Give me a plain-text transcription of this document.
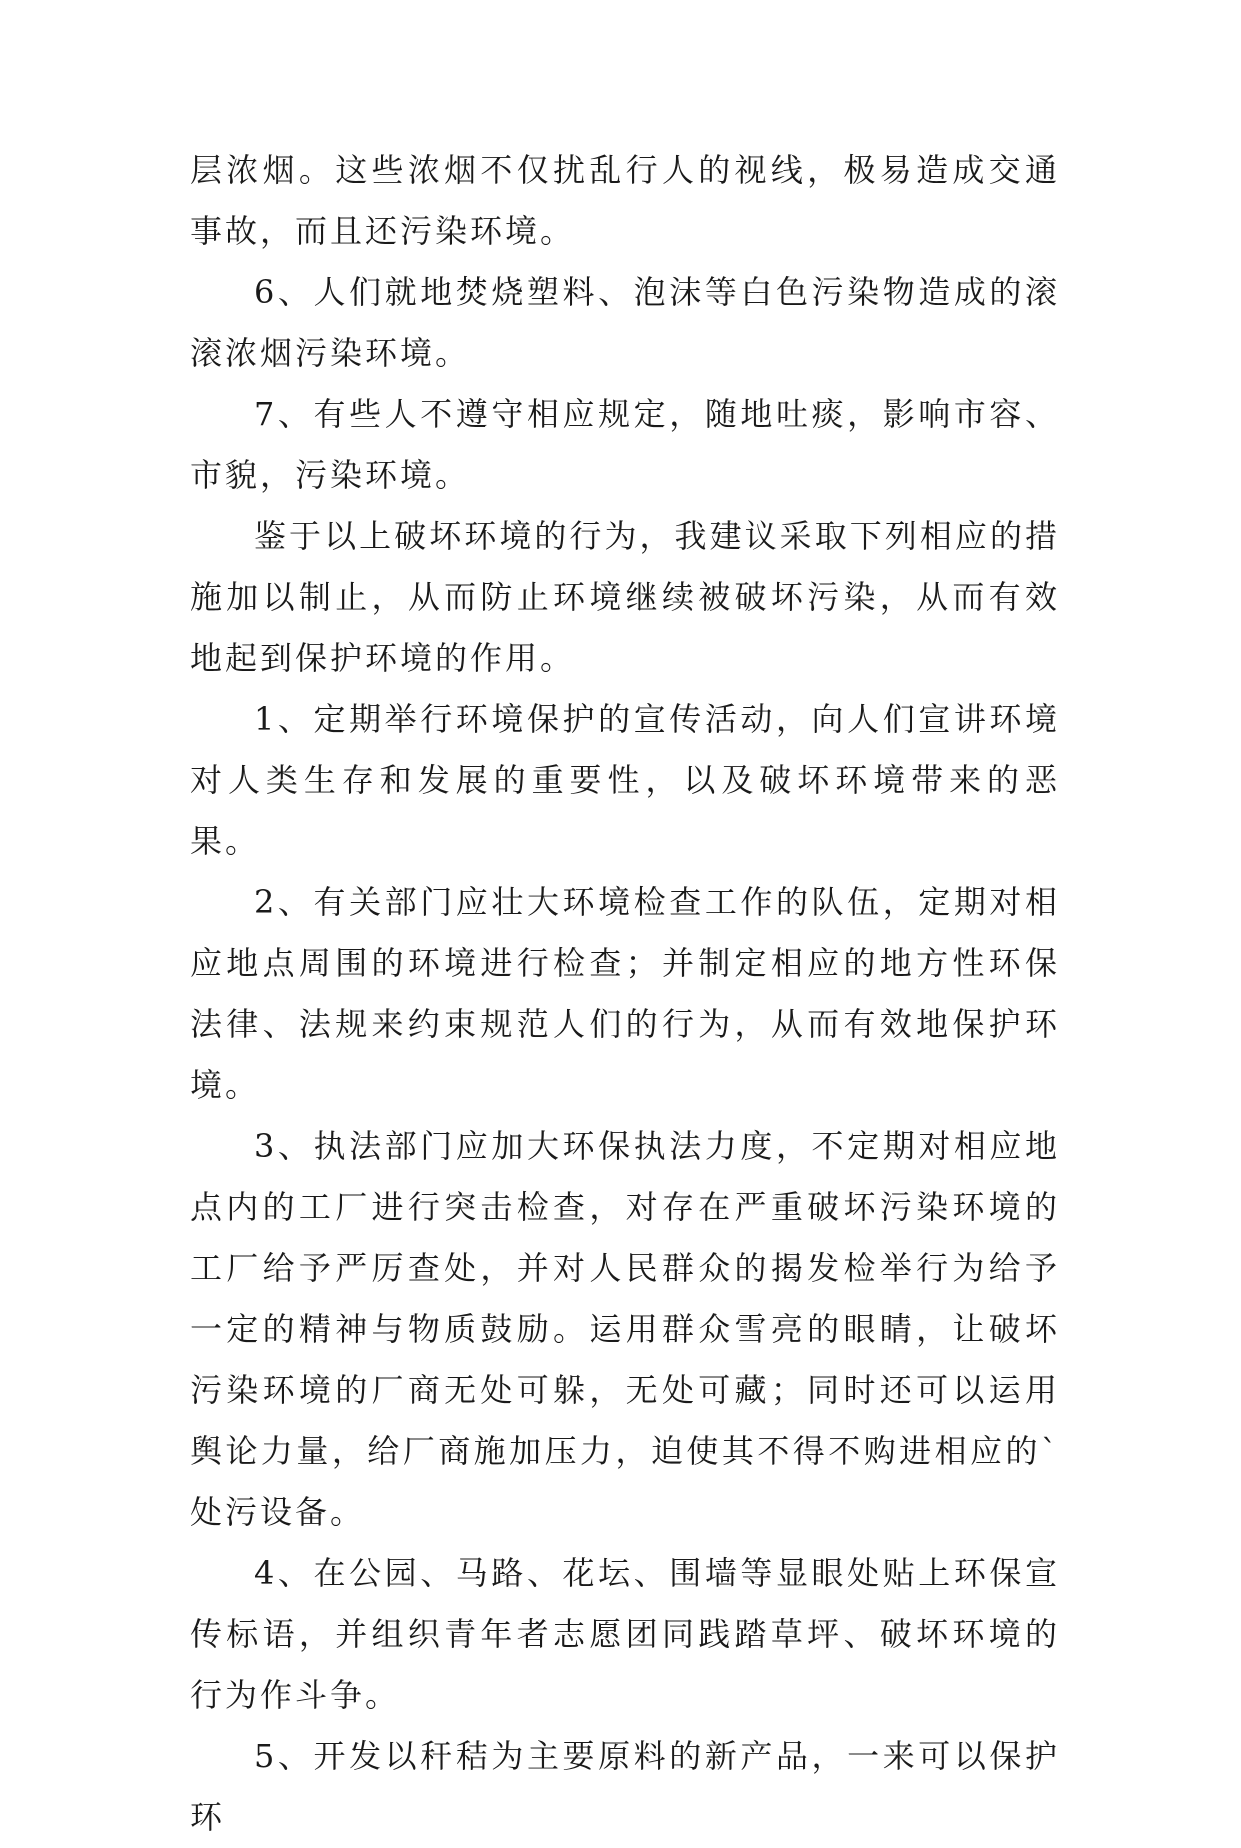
层浓烟。这些浓烟不仅扰乱行人的视线，极易造成交通事故，而且还污染环境。

6、人们就地焚烧塑料、泡沫等白色污染物造成的滚滚浓烟污染环境。

7、有些人不遵守相应规定，随地吐痰，影响市容、市貌，污染环境。

鉴于以上破坏环境的行为，我建议采取下列相应的措施加以制止，从而防止环境继续被破坏污染，从而有效地起到保护环境的作用。

1、定期举行环境保护的宣传活动，向人们宣讲环境对人类生存和发展的重要性，以及破坏环境带来的恶果。

2、有关部门应壮大环境检查工作的队伍，定期对相应地点周围的环境进行检查；并制定相应的地方性环保法律、法规来约束规范人们的行为，从而有效地保护环境。

3、执法部门应加大环保执法力度，不定期对相应地点内的工厂进行突击检查，对存在严重破坏污染环境的工厂给予严厉查处，并对人民群众的揭发检举行为给予一定的精神与物质鼓励。运用群众雪亮的眼睛，让破坏污染环境的厂商无处可躲，无处可藏；同时还可以运用舆论力量，给厂商施加压力，迫使其不得不购进相应的`处污设备。

4、在公园、马路、花坛、围墙等显眼处贴上环保宣传标语，并组织青年者志愿团同践踏草坪、破坏环境的行为作斗争。

5、开发以秆秸为主要原料的新产品，一来可以保护环
